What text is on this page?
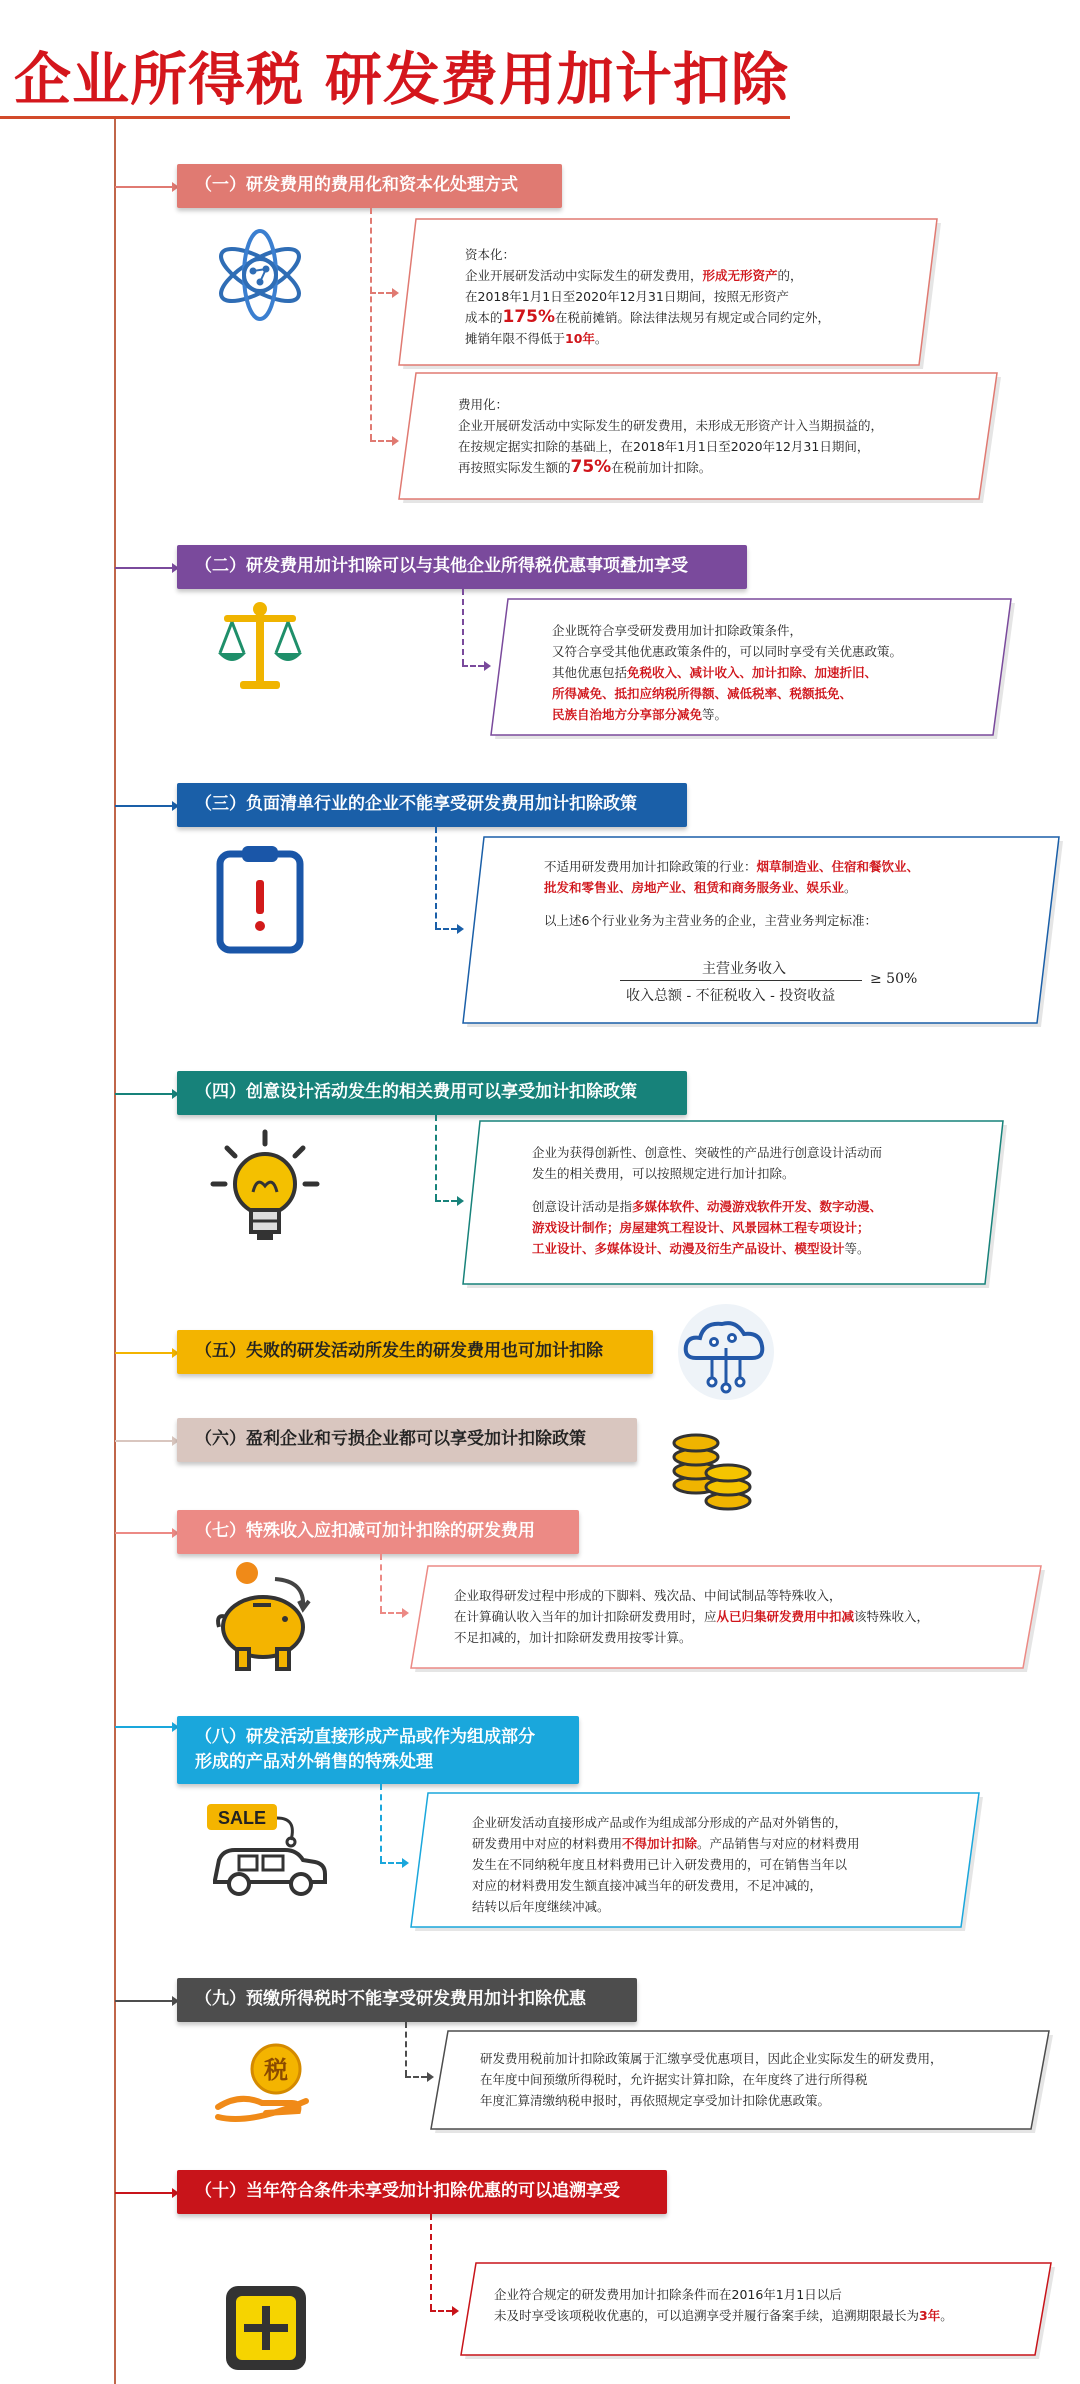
企业所得税 研发费用加计扣除
（一）研发费用的费用化和资本化处理方式

资本化：

企业开展研发活动中实际发生的研发费用，形成无形资产的，

在2018年1月1日至2020年12月31日期间，按照无形资产

成本的175%在税前摊销。除法律法规另有规定或合同约定外，

摊销年限不得低于10年。

费用化：

企业开展研发活动中实际发生的研发费用，未形成无形资产计入当期损益的，

在按规定据实扣除的基础上，在2018年1月1日至2020年12月31日期间，

再按照实际发生额的75%在税前加计扣除。

（二）研发费用加计扣除可以与其他企业所得税优惠事项叠加享受

企业既符合享受研发费用加计扣除政策条件，

又符合享受其他优惠政策条件的，可以同时享受有关优惠政策。

其他优惠包括免税收入、减计收入、加计扣除、加速折旧、

所得减免、抵扣应纳税所得额、减低税率、税额抵免、

民族自治地方分享部分减免等。

（三）负面清单行业的企业不能享受研发费用加计扣除政策

不适用研发费用加计扣除政策的行业：烟草制造业、住宿和餐饮业、

批发和零售业、房地产业、租赁和商务服务业、娱乐业。

以上述6个行业业务为主营业务的企业，主营业务判定标准：

主营业务收入
收入总额 - 不征税收入 - 投资收益
≥ 50%
（四）创意设计活动发生的相关费用可以享受加计扣除政策

企业为获得创新性、创意性、突破性的产品进行创意设计活动而

发生的相关费用，可以按照规定进行加计扣除。

创意设计活动是指多媒体软件、动漫游戏软件开发、数字动漫、

游戏设计制作；房屋建筑工程设计、风景园林工程专项设计；

工业设计、多媒体设计、动漫及衍生产品设计、模型设计等。

（五）失败的研发活动所发生的研发费用也可加计扣除
（六）盈利企业和亏损企业都可以享受加计扣除政策
（七）特殊收入应扣减可加计扣除的研发费用

企业取得研发过程中形成的下脚料、残次品、中间试制品等特殊收入，

在计算确认收入当年的加计扣除研发费用时，应从已归集研发费用中扣减该特殊收入，

不足扣减的，加计扣除研发费用按零计算。

（八）研发活动直接形成产品或作为组成部分
形成的产品对外销售的特殊处理
SALE	企业研发活动直接形成产品或作为组成部分形成的产品对外销售的，

研发费用中对应的材料费用不得加计扣除。产品销售与对应的材料费用

发生在不同纳税年度且材料费用已计入研发费用的，可在销售当年以

对应的材料费用发生额直接冲减当年的研发费用，不足冲减的，

结转以后年度继续冲减。

（九）预缴所得税时不能享受研发费用加计扣除优惠
税	研发费用税前加计扣除政策属于汇缴享受优惠项目，因此企业实际发生的研发费用，

在年度中间预缴所得税时，允许据实计算扣除，在年度终了进行所得税

年度汇算清缴纳税申报时，再依照规定享受加计扣除优惠政策。

（十）当年符合条件未享受加计扣除优惠的可以追溯享受

企业符合规定的研发费用加计扣除条件而在2016年1月1日以后

未及时享受该项税收优惠的，可以追溯享受并履行备案手续，追溯期限最长为3年。
